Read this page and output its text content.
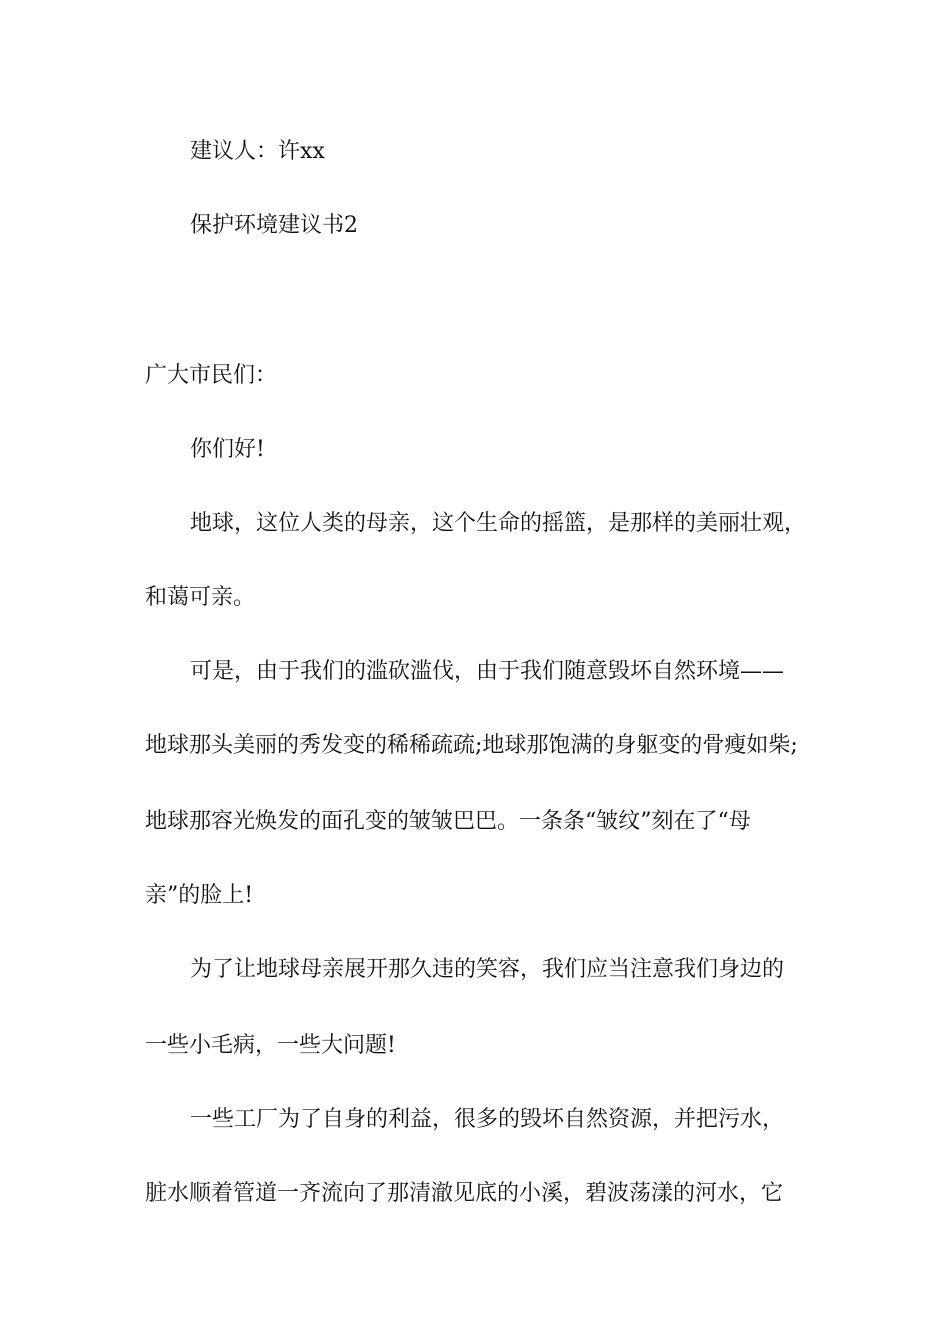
建议人：许xx
保护环境建议书2
广大市民们：
你们好!
地球，这位人类的母亲，这个生命的摇篮，是那样的美丽壮观，
和蔼可亲。
可是，由于我们的滥砍滥伐，由于我们随意毁坏自然环境——
地球那头美丽的秀发变的稀稀疏疏;地球那饱满的身躯变的骨瘦如柴;
地球那容光焕发的面孔变的皱皱巴巴。一条条“皱纹”刻在了“母
亲”的脸上!
为了让地球母亲展开那久违的笑容，我们应当注意我们身边的
一些小毛病，一些大问题!
一些工厂为了自身的利益，很多的毁坏自然资源，并把污水，
脏水顺着管道一齐流向了那清澈见底的小溪，碧波荡漾的河水，它
